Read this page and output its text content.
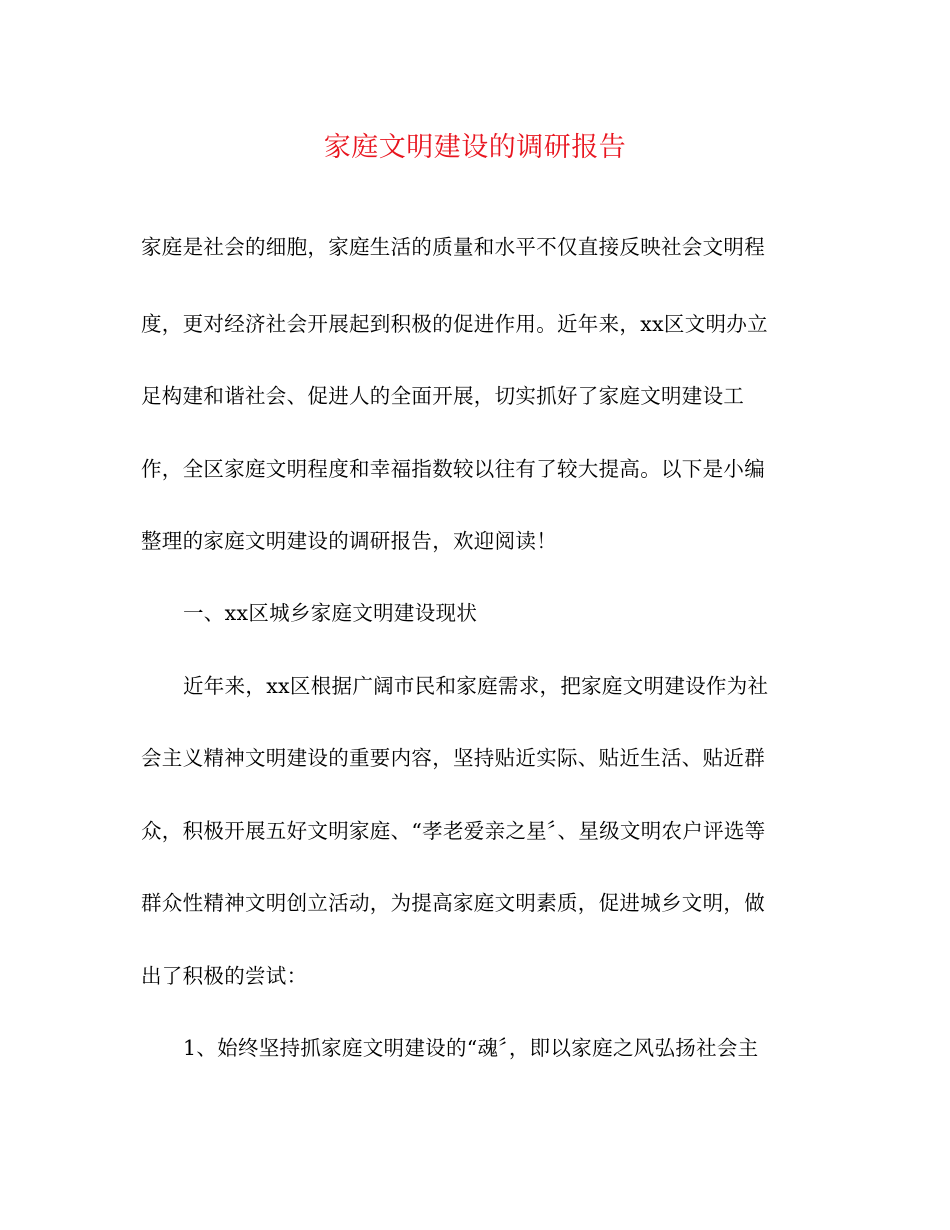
家庭文明建设的调研报告
家庭是社会的细胞，家庭生活的质量和水平不仅直接反映社会文明程
度，更对经济社会开展起到积极的促进作用。近年来，xx区文明办立
足构建和谐社会、促进人的全面开展，切实抓好了家庭文明建设工
作，全区家庭文明程度和幸福指数较以往有了较大提高。以下是小编
整理的家庭文明建设的调研报告，欢迎阅读！
一、xx区城乡家庭文明建设现状
近年来，xx区根据广阔市民和家庭需求，把家庭文明建设作为社
会主义精神文明建设的重要内容，坚持贴近实际、贴近生活、贴近群
众，积极开展五好文明家庭、“孝老爱亲之星〞、星级文明农户评选等
群众性精神文明创立活动，为提高家庭文明素质，促进城乡文明，做
出了积极的尝试：
1、始终坚持抓家庭文明建设的“魂〞，即以家庭之风弘扬社会主
